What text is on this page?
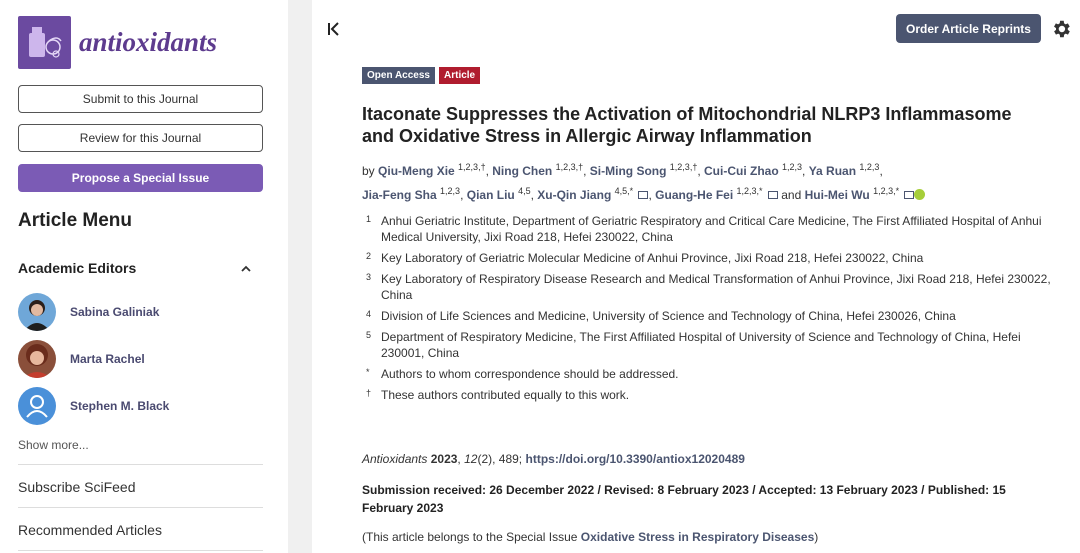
antioxidants
Submit to this Journal
Review for this Journal
Propose a Special Issue
Article Menu
Academic Editors
Sabina Galiniak
Marta Rachel
Stephen M. Black
Show more...
Subscribe SciFeed
Recommended Articles
Order Article Reprints
Open Access	Article
Itaconate Suppresses the Activation of Mitochondrial NLRP3 Inflammasome and Oxidative Stress in Allergic Airway Inflammation
by Qiu-Meng Xie $^{1,2,3,\dagger}$, Ning Chen $^{1,2,3,\dagger}$, Si-Ming Song $^{1,2,3,\dagger}$, Cui-Cui Zhao $^{1,2,3}$, Ya Ruan $^{1,2,3}$,
Jia-Feng Sha $^{1,2,3}$, Qian Liu $^{4,5}$, Xu-Qin Jiang $^{4,5,*}$ , Guang-He Fei $^{1,2,3,*}$ and Hui-Mei Wu $^{1,2,3,*}$
1 Anhui Geriatric Institute, Department of Geriatric Respiratory and Critical Care Medicine, The First Affiliated Hospital of Anhui Medical University, Jixi Road 218, Hefei 230022, China
2 Key Laboratory of Geriatric Molecular Medicine of Anhui Province, Jixi Road 218, Hefei 230022, China
3 Key Laboratory of Respiratory Disease Research and Medical Transformation of Anhui Province, Jixi Road 218, Hefei 230022, China
4 Division of Life Sciences and Medicine, University of Science and Technology of China, Hefei 230026, China
5 Department of Respiratory Medicine, The First Affiliated Hospital of University of Science and Technology of China, Hefei 230001, China
* Authors to whom correspondence should be addressed.
† These authors contributed equally to this work.
Antioxidants 2023, 12(2), 489; https://doi.org/10.3390/antiox12020489
Submission received: 26 December 2022 / Revised: 8 February 2023 / Accepted: 13 February 2023 / Published: 15 February 2023
(This article belongs to the Special Issue Oxidative Stress in Respiratory Diseases)
